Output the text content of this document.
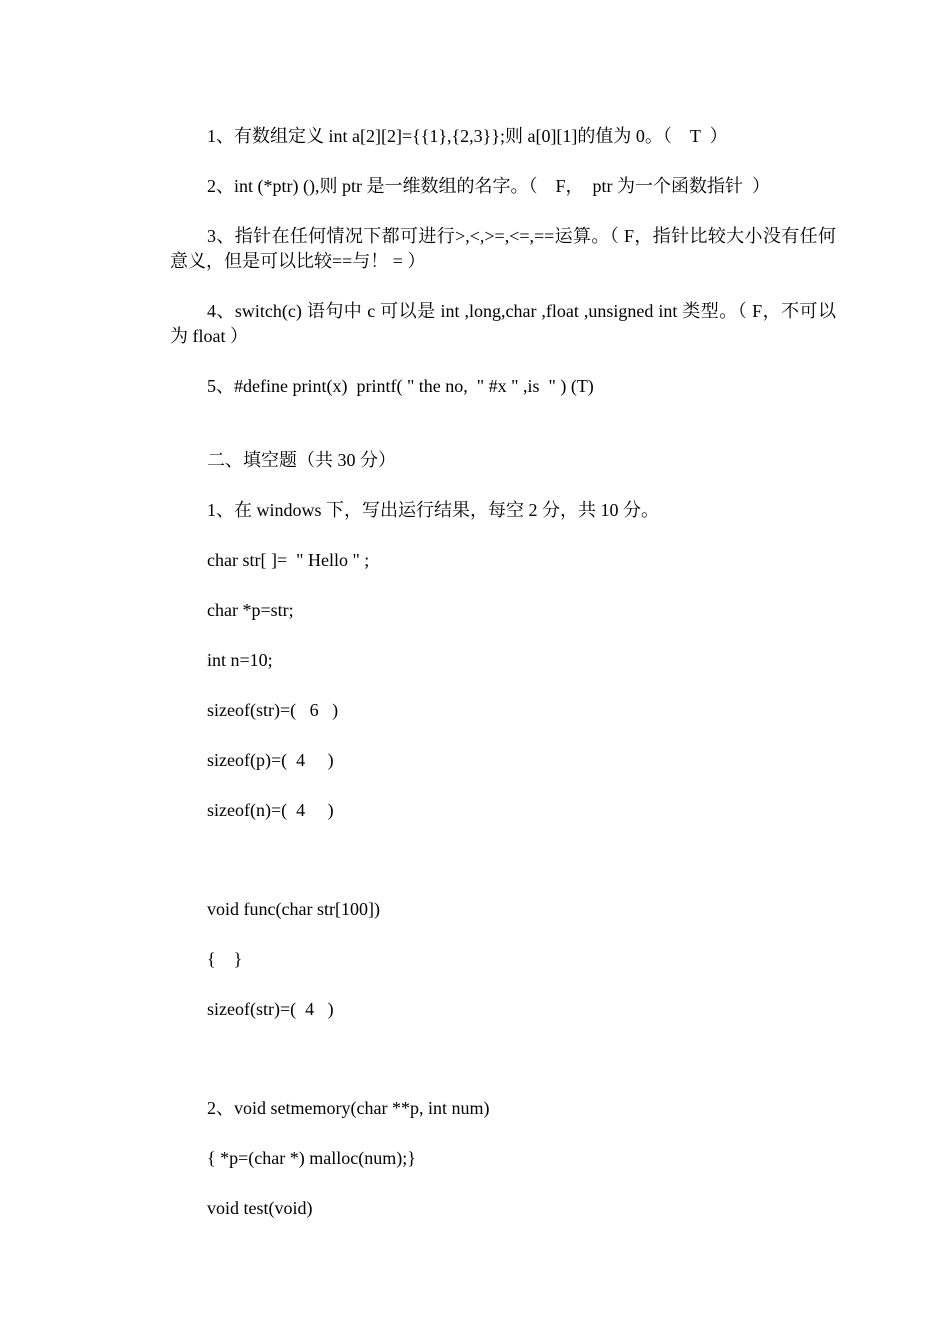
1、有数组定义 int a[2][2]={{1},{2,3}};则 a[0][1]的值为 0。（    T  ）
2、int (*ptr) (),则 ptr 是一维数组的名字。（    F，  ptr 为一个函数指针  ）
3、指针在任何情况下都可进行>,<,>=,<=,==运算。（ F，指针比较大小没有任何意义，但是可以比较==与！ = ）
4、switch(c) 语句中 c 可以是 int ,long,char ,float ,unsigned int 类型。（ F，不可以为 float ）
5、#define print(x)  printf( " the no,  " #x " ,is  " ) (T)
二、填空题（共 30 分）
1、在 windows 下，写出运行结果，每空 2 分，共 10 分。
char str[ ]=  " Hello " ;
char *p=str;
int n=10;
sizeof(str)=(   6   )
sizeof(p)=(  4     )
sizeof(n)=(  4     )
void func(char str[100])
{    }
sizeof(str)=(  4   )
2、void setmemory(char **p, int num)
{ *p=(char *) malloc(num);}
void test(void)
